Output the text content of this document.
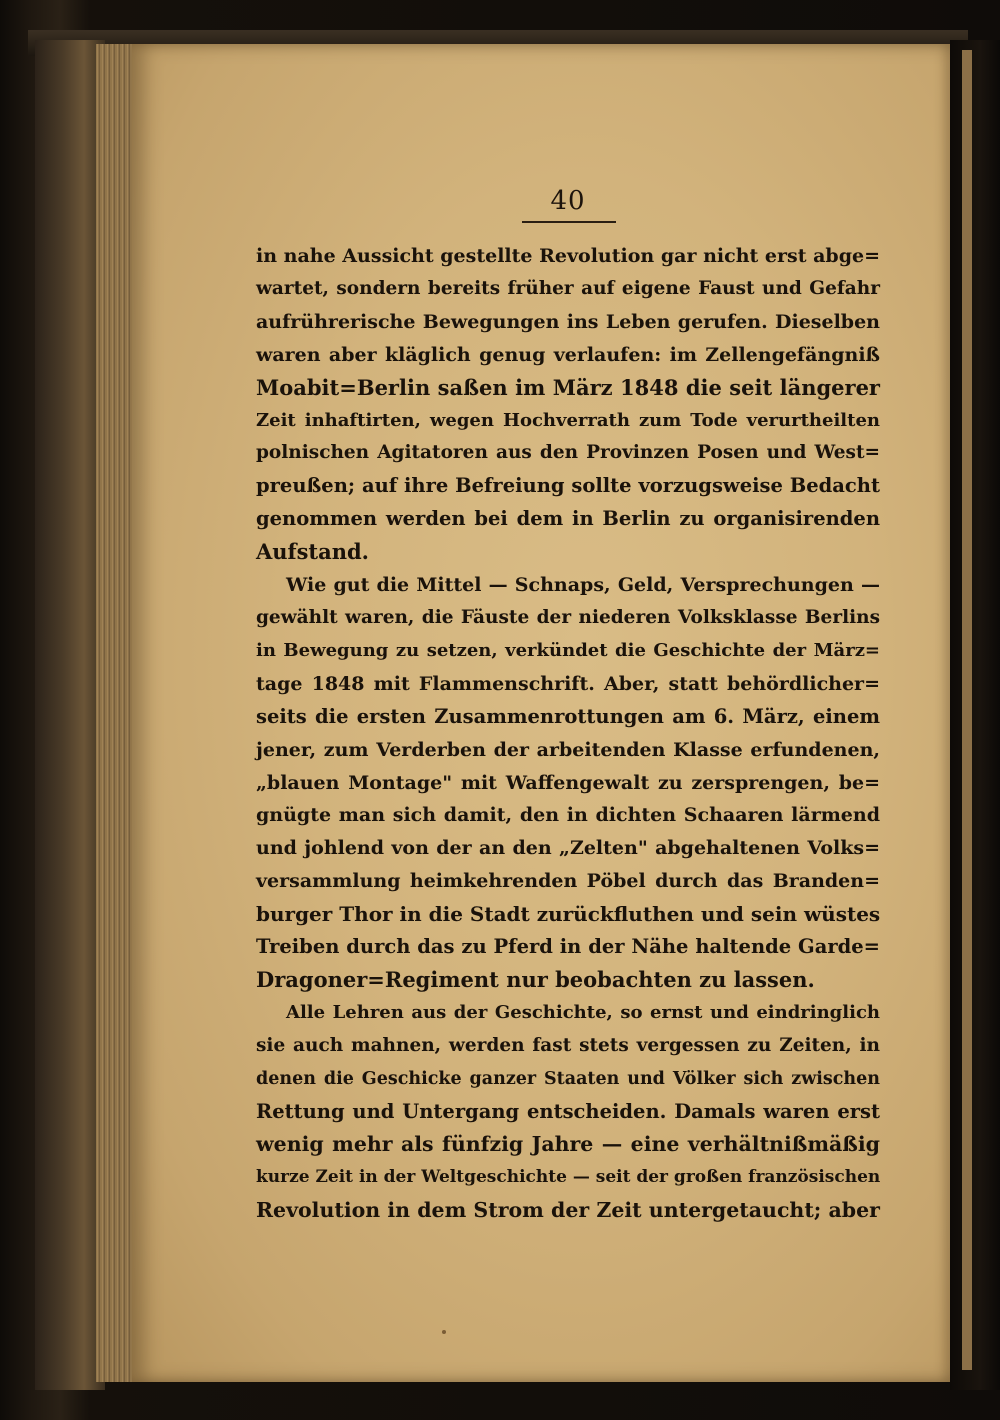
40
in nahe Aussicht gestellte Revolution gar nicht erst abge=
wartet, sondern bereits früher auf eigene Faust und Gefahr
aufrührerische Bewegungen ins Leben gerufen. Dieselben
waren aber kläglich genug verlaufen: im Zellengefängniß
Moabit=Berlin saßen im März 1848 die seit längerer
Zeit inhaftirten, wegen Hochverrath zum Tode verurtheilten
polnischen Agitatoren aus den Provinzen Posen und West=
preußen; auf ihre Befreiung sollte vorzugsweise Bedacht
genommen werden bei dem in Berlin zu organisirenden
Aufstand.
Wie gut die Mittel — Schnaps, Geld, Versprechungen —
gewählt waren, die Fäuste der niederen Volksklasse Berlins
in Bewegung zu setzen, verkündet die Geschichte der März=
tage 1848 mit Flammenschrift. Aber, statt behördlicher=
seits die ersten Zusammenrottungen am 6. März, einem
jener, zum Verderben der arbeitenden Klasse erfundenen,
„blauen Montage" mit Waffengewalt zu zersprengen, be=
gnügte man sich damit, den in dichten Schaaren lärmend
und johlend von der an den „Zelten" abgehaltenen Volks=
versammlung heimkehrenden Pöbel durch das Branden=
burger Thor in die Stadt zurückfluthen und sein wüstes
Treiben durch das zu Pferd in der Nähe haltende Garde=
Dragoner=Regiment nur beobachten zu lassen.
Alle Lehren aus der Geschichte, so ernst und eindringlich
sie auch mahnen, werden fast stets vergessen zu Zeiten, in
denen die Geschicke ganzer Staaten und Völker sich zwischen
Rettung und Untergang entscheiden. Damals waren erst
wenig mehr als fünfzig Jahre — eine verhältnißmäßig
kurze Zeit in der Weltgeschichte — seit der großen französischen
Revolution in dem Strom der Zeit untergetaucht; aber
